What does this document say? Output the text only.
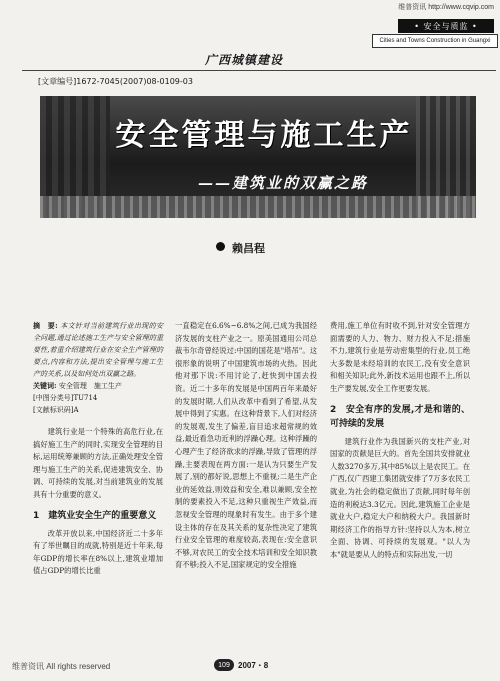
维普资讯 http://www.cqvip.com
• 安全与质监 •
Cities and Towns Construction in Guangxi
广西城镇建设
[文章编号]1672-7045(2007)08-0109-03
安全管理与施工生产
——建筑业的双赢之路
赖昌程
摘　要: 本文针对当前建筑行业出现的安全问题,通过论述施工生产与安全管理的重要性,着重介绍建筑行业在安全生产管理的要点,内容和方法,提出安全管理与施工生产的关系,以及如何处出双赢之路。
关键词: 安全管理　施工生产
[中图分类号]TU714
[文献标识码]A

建筑行业是一个特殊的高危行业,在搞好施工生产的同时,实现安全管理的目标,运用统筹兼顾的方法,正确处理安全管理与施工生产的关系,促进建筑安全、协调、可持续的发展,对当前建筑业的发展具有十分重要的意义。

1　建筑业安全生产的重要意义

改革开放以来,中国经济近二十多年有了举世瞩目的成就,特别是近十年来,每年GDP的增长率在8%以上,建筑业增加值占GDP的增长比重

一直稳定在6.6%~6.8%之间,已成为我国经济发展的支柱产业之一。原美国通用公司总裁韦尔奇曾经说过:中国的国花是"塔吊"。这很形象的说明了中国建筑市场的火热。因此他对那下说:不用讨论了,赶快到中国去投资。近二十多年的发展是中国两百年来最好的发展时期,人们从改革中看到了希望,从发展中得到了实惠。在这种背景下,人们对经济的发展观,发生了偏差,盲目追求超常规的效益,最近看急功近利的浮躁心理。这种浮躁的心理产生了经济欲求的浮躁,导致了管理的浮躁,主要表现在两方面:一是认为只要生产发展了,别的都好说,思想上不重视;二是生产企业的延效益,则效益和安全,难以兼顾,安全控制的要素投入不足,这种只重视生产效益,而忽视安全管理的现象时有发生。由于多个建设主体的存在及其关系的复杂性决定了建筑行业安全管理的难度较高,表现在:安全意识不够,对农民工的安全技术培训和安全知识教育不够;投入不足,国家规定的安全措施

费用,施工单位有时收不到,针对安全管理方面需要的人力、物力、财力投入不足;措施不力,建筑行业是劳动密集型的行业,员工绝大多数是未经培训的农民工,没有安全意识和相关知识;此外,新技术运用也跟不上,所以生产要发展,安全工作更要发展。

2　安全有序的发展,才是和谐的、可持续的发展

建筑行业作为我国新兴的支柱产业,对国家的贡献是巨大的。首先全国共安排就业人数3270多万,其中85%以上是农民工。在广西,仅广西建工集团就安排了7万多农民工就业,为社会的稳定做出了贡献,同时每年创造的利税达3.3亿元。因此,建筑施工企业是就业大户,稳定大户和纳税大户。我国新时期经济工作的指导方针:坚持以人为本,树立全面、协调、可持续的发展观。"以人为本"就是要从人的特点和实际出发,一切

维普资讯 All rights reserved	109	2007・8
